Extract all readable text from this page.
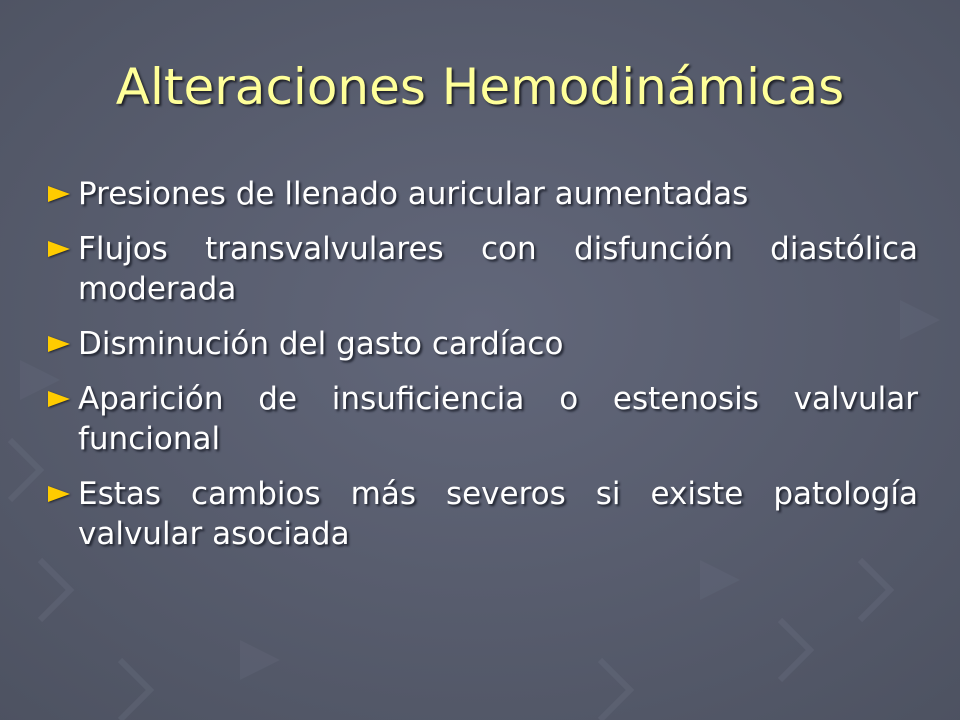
Alteraciones Hemodinámicas
Presiones de llenado auricular aumentadas
Flujos transvalvulares con disfunción diastólica moderada
Disminución del gasto cardíaco
Aparición de insuficiencia o estenosis valvular funcional
Estas cambios más severos si existe patología valvular asociada
